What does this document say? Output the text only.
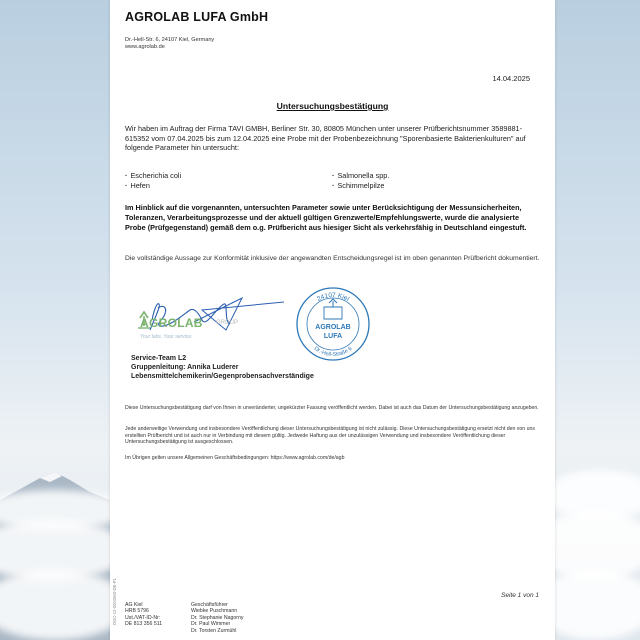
AGROLAB LUFA GmbH
Dr.-Hell-Str. 6, 24107 Kiel, Germany
www.agrolab.de
14.04.2025
Untersuchungsbestätigung
Wir haben im Auftrag der Firma TAVI GMBH, Berliner Str. 30, 80805 München unter unserer Prüfberichtsnummer 3589881-615352 vom 07.04.2025 bis zum 12.04.2025 eine Probe mit der Probenbezeichnung "Sporenbasierte Bakterienkulturen" auf folgende Parameter hin untersucht:
· Escherichia coli	· Salmonella spp.
· Hefen	· Schimmelpilze
Im Hinblick auf die vorgenannten, untersuchten Parameter sowie unter Berücksichtigung der Messunsicherheiten, Toleranzen, Verarbeitungsprozesse und der aktuell gültigen Grenzwerte/Empfehlungswerte, wurde die analysierte Probe (Prüfgegenstand) gemäß dem o.g. Prüfbericht aus hiesiger Sicht als verkehrsfähig in Deutschland eingestuft.
Die vollständige Aussage zur Konformität inklusive der angewandten Entscheidungsregel ist im oben genannten Prüfbericht dokumentiert.
AGROLAB GROUP
Your labs. Your service.
24107 Kiel
Dr.-Hell-Straße 6
AGROLAB
LUFA
Service-Team L2
Gruppenleitung: Annika Luderer
Lebensmittelchemikerin/Gegenprobensachverständige
Diese Untersuchungsbestätigung darf von Ihnen in unveränderter, ungekürzter Fassung veröffentlicht werden. Dabei ist auch das Datum der Untersuchungsbestätigung anzugeben.
Jede anderweitige Verwendung und insbesondere Veröffentlichung dieser Untersuchungsbestätigung ist nicht zulässig. Diese Untersuchungsbestätigung ersetzt nicht den von uns erstellten Prüfbericht und ist auch nur in Verbindung mit diesem gültig. Jedwede Haftung aus der unzulässigen Verwendung und insbesondere Veröffentlichung dieser Untersuchungsbestätigung ist ausgeschlossen.
Im Übrigen gelten unsere Allgemeinen Geschäftsbedingungen: https://www.agrolab.com/de/agb
Seite 1 von 1
DOC-12-0004560-DE-P1 AG Kiel
HRB 5796
Ust./VAT-ID-Nr:
DE 813 356 511
Geschäftsführer
Wiebke Puschmann
Dr. Stephanie Nagorny
Dr. Paul Wimmer
Dr. Torsten Zurmühl
